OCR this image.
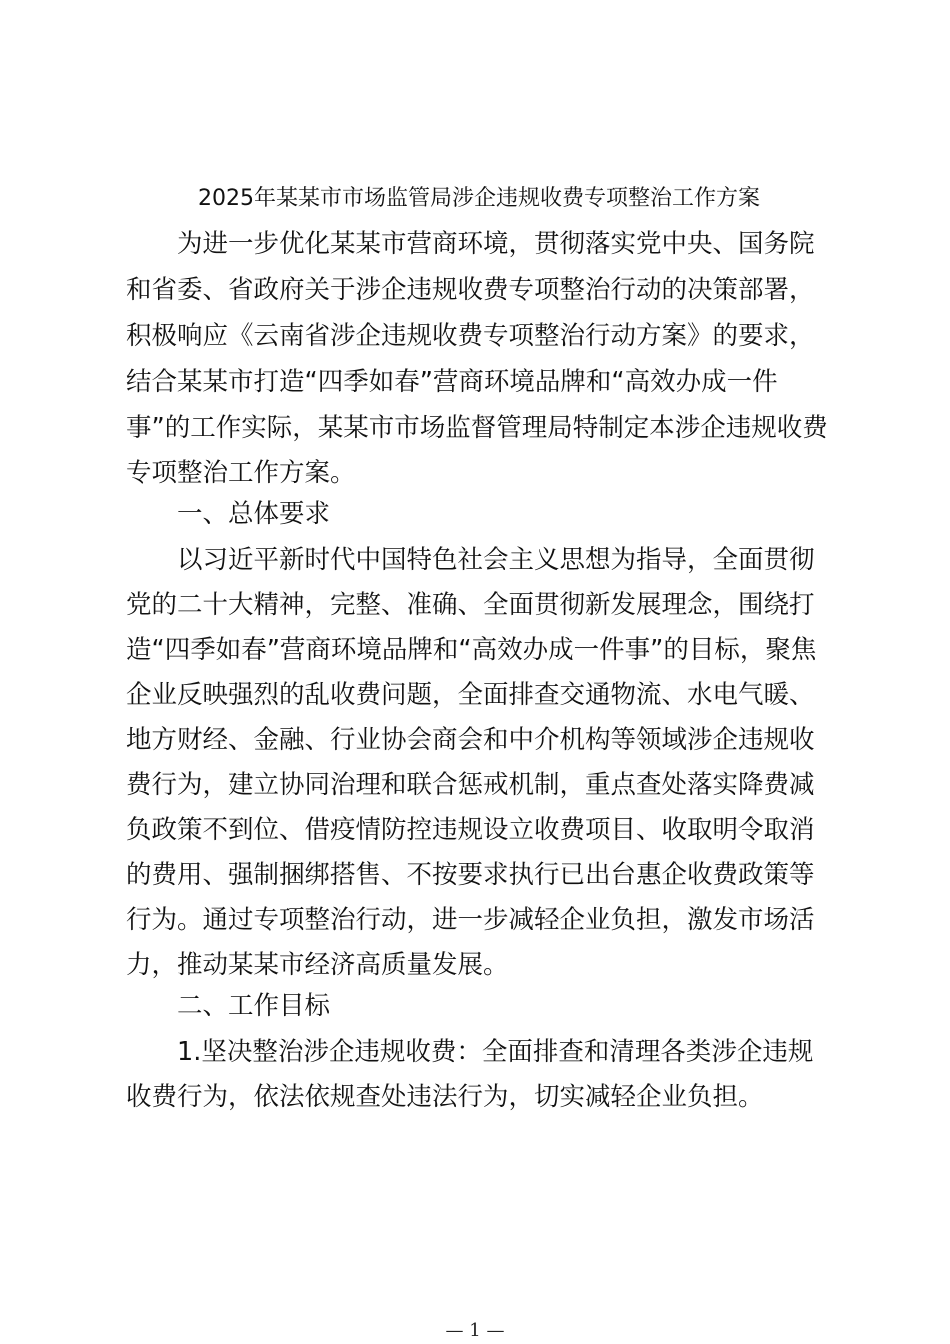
2025年某某市市场监管局涉企违规收费专项整治工作方案
为进一步优化某某市营商环境，贯彻落实党中央、国务院
和省委、省政府关于涉企违规收费专项整治行动的决策部署，
积极响应《云南省涉企违规收费专项整治行动方案》的要求，
结合某某市打造“四季如春”营商环境品牌和“高效办成一件
事”的工作实际，某某市市场监督管理局特制定本涉企违规收费
专项整治工作方案。
一、总体要求
以习近平新时代中国特色社会主义思想为指导，全面贯彻
党的二十大精神，完整、准确、全面贯彻新发展理念，围绕打
造“四季如春”营商环境品牌和“高效办成一件事”的目标，聚焦
企业反映强烈的乱收费问题，全面排查交通物流、水电气暖、
地方财经、金融、行业协会商会和中介机构等领域涉企违规收
费行为，建立协同治理和联合惩戒机制，重点查处落实降费减
负政策不到位、借疫情防控违规设立收费项目、收取明令取消
的费用、强制捆绑搭售、不按要求执行已出台惠企收费政策等
行为。通过专项整治行动，进一步减轻企业负担，激发市场活
力，推动某某市经济高质量发展。
二、工作目标
1.坚决整治涉企违规收费：全面排查和清理各类涉企违规
收费行为，依法依规查处违法行为，切实减轻企业负担。
— 1 —
